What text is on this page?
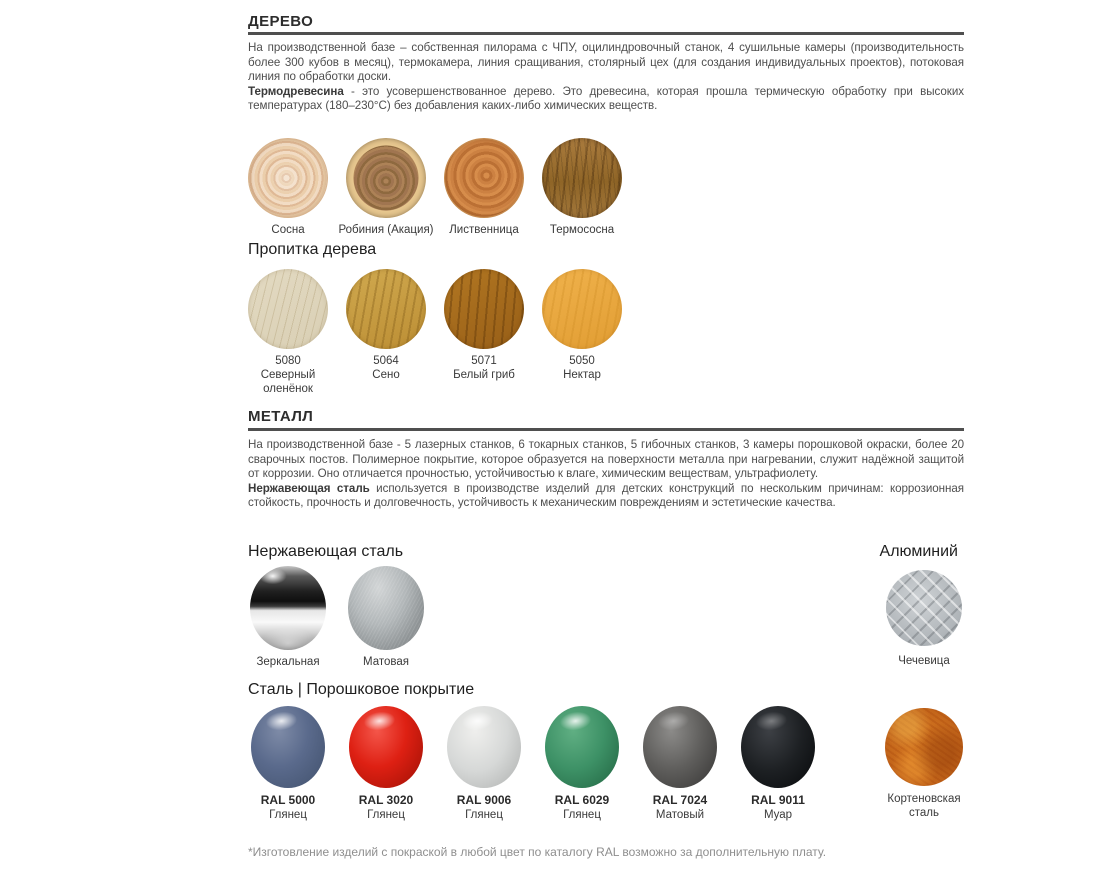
ДЕРЕВО
На производственной базе – собственная пилорама с ЧПУ, оцилиндровочный станок, 4 сушильные камеры (производительность более 300 кубов в месяц), термокамера, линия сращивания, столярный цех (для создания индивидуальных проектов), потоковая линия по обработки доски.
Термодревесина - это усовершенствованное дерево. Это древесина, которая прошла термическую обработку при высоких температурах (180–230°C) без добавления каких-либо химических веществ.
Сосна	Робиния (Акация)	Лиственница	Термососна
Пропитка дерева
5080
Северный оленёнок
5064
Сено
5071
Белый гриб
5050
Нектар
МЕТАЛЛ
На производственной базе - 5 лазерных станков, 6 токарных станков, 5 гибочных станков, 3 камеры порошковой окраски, более 20 сварочных постов. Полимерное покрытие, которое образуется на поверхности металла при нагревании, служит надёжной защитой от коррозии. Оно отличается прочностью, устойчивостью к влаге, химическим веществам, ультрафиолету.
Нержавеющая сталь используется в производстве изделий для детских конструкций по нескольким причинам: коррозионная стойкость, прочность и долговечность, устойчивость к механическим повреждениям и эстетические качества.
Нержавеющая сталь	Алюминий
Зеркальная	Матовая	Чечевица
Сталь | Порошковое покрытие
RAL 5000
Глянец
RAL 3020
Глянец
RAL 9006
Глянец
RAL 6029
Глянец
RAL 7024
Матовый
RAL 9011
Муар
Кортеновская сталь
*Изготовление изделий с покраской в любой цвет по каталогу RAL возможно за дополнительную плату.
